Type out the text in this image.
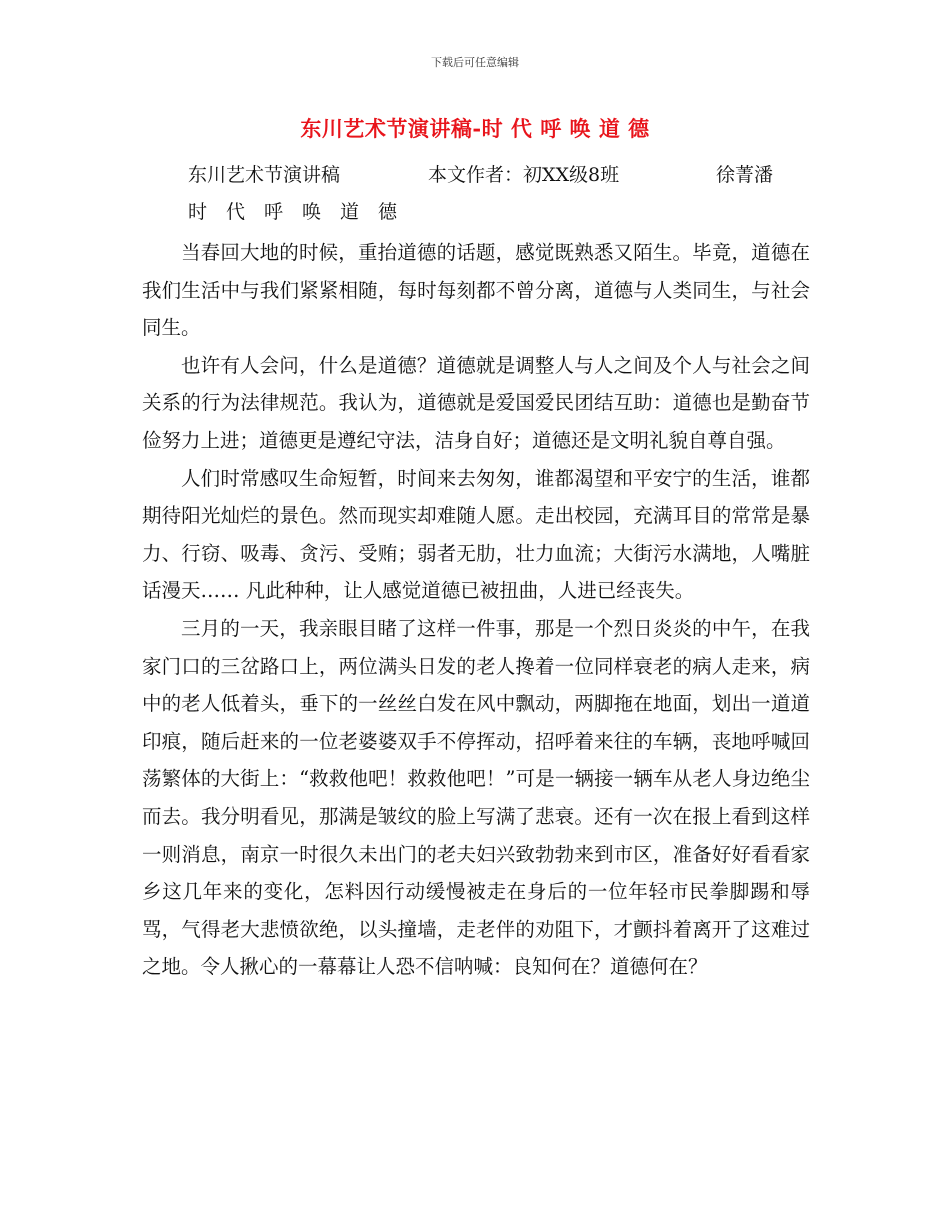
下载后可任意编辑
东川艺术节演讲稿-时 代 呼 唤 道 德
东川艺术节演讲稿	本文作者：初XX级8班	徐菁潘
时　代　呼　唤　道　德

当春回大地的时候，重抬道德的话题，感觉既熟悉又陌生。毕竟，道德在我们生活中与我们紧紧相随，每时每刻都不曾分离，道德与人类同生，与社会同生。

也许有人会问，什么是道德？道德就是调整人与人之间及个人与社会之间关系的行为法律规范。我认为，道德就是爱国爱民团结互助：道德也是勤奋节俭努力上进；道德更是遵纪守法，洁身自好；道德还是文明礼貌自尊自强。

人们时常感叹生命短暂，时间来去匆匆，谁都渴望和平安宁的生活，谁都期待阳光灿烂的景色。然而现实却难随人愿。走出校园，充满耳目的常常是暴力、行窃、吸毒、贪污、受贿；弱者无肋，壮力血流；大街污水满地，人嘴脏话漫天…… 凡此种种，让人感觉道德已被扭曲，人进已经丧失。

三月的一天，我亲眼目睹了这样一件事，那是一个烈日炎炎的中午，在我家门口的三岔路口上，两位满头日发的老人搀着一位同样衰老的病人走来，病中的老人低着头，垂下的一丝丝白发在风中飘动，两脚拖在地面，划出一道道印痕，随后赶来的一位老婆婆双手不停挥动，招呼着来往的车辆，丧地呼喊回荡繁体的大街上：“救救他吧！救救他吧！”可是一辆接一辆车从老人身边绝尘而去。我分明看见，那满是皱纹的脸上写满了悲衰。还有一次在报上看到这样一则消息，南京一时很久未出门的老夫妇兴致勃勃来到市区，准备好好看看家乡这几年来的变化，怎料因行动缓慢被走在身后的一位年轻市民拳脚踢和辱骂，气得老大悲愤欲绝，以头撞墙，走老伴的劝阻下，才颤抖着离开了这难过之地。令人揪心的一幕幕让人恐不信呐喊：良知何在？道德何在？
